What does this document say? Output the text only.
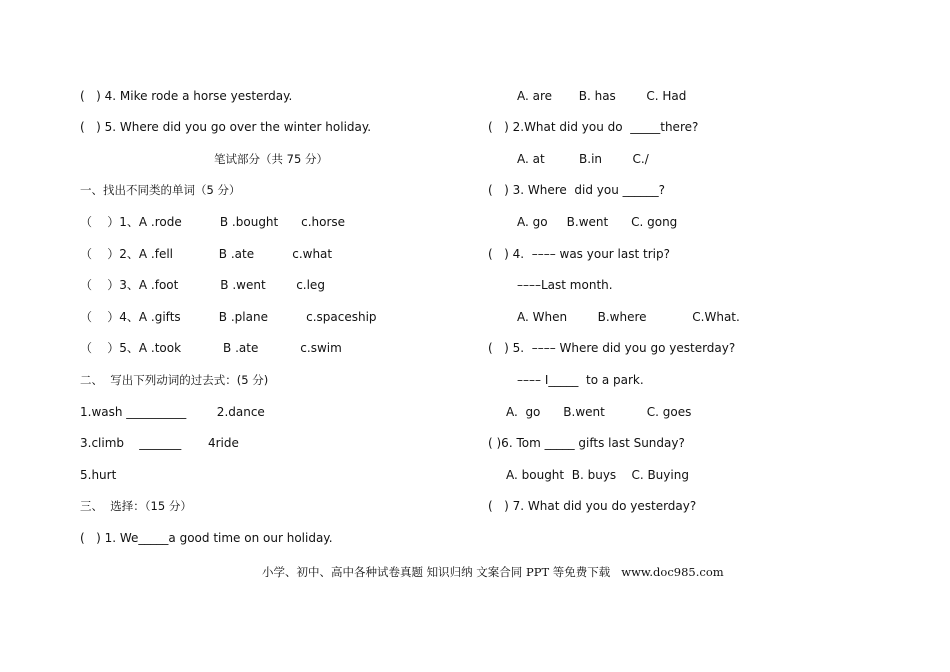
(   ) 4. Mike rode a horse yesterday.
(   ) 5. Where did you go over the winter holiday.
笔试部分（共 75 分）
一、找出不同类的单词（5 分）
（    ）1、A .rode          B .bought      c.horse
（    ）2、A .fell            B .ate          c.what
（    ）3、A .foot           B .went        c.leg
（    ）4、A .gifts          B .plane          c.spaceship
（    ）5、A .took           B .ate           c.swim
二、  写出下列动词的过去式：(5 分)
1.wash __________        2.dance
3.climb    _______       4ride
5.hurt
三、  选择：（15 分）
(   ) 1. We_____a good time on our holiday.
A. are       B. has        C. Had
(   ) 2.What did you do  _____there?
A. at         B.in        C./
(   ) 3. Where  did you ______?
A. go     B.went      C. gong
(   ) 4.  –––– was your last trip?
––––Last month.
A. When        B.where            C.What.
(   ) 5.  –––– Where did you go yesterday?
–––– I_____  to a park.
A.  go      B.went           C. goes
( )6. Tom _____ gifts last Sunday?
A. bought  B. buys    C. Buying
(   ) 7. What did you do yesterday?

小学、初中、高中各种试卷真题 知识归纳 文案合同 PPT 等免费下载   www.doc985.com
